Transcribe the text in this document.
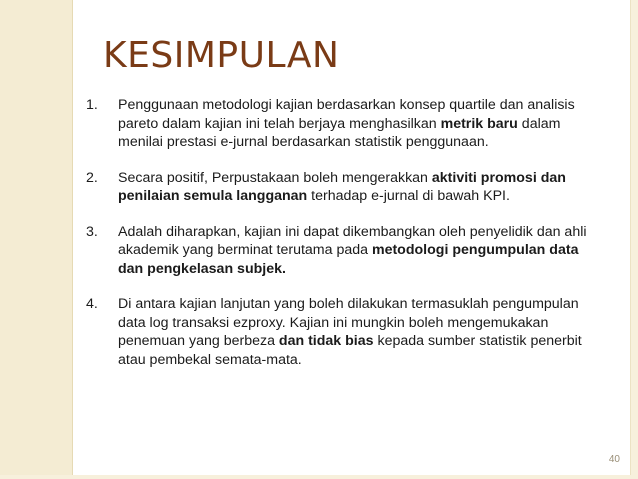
KESIMPULAN
1.	Penggunaan metodologi kajian berdasarkan konsep quartile dan analisis pareto dalam kajian ini telah berjaya menghasilkan metrik baru dalam menilai prestasi e-jurnal berdasarkan statistik penggunaan.
2.	Secara positif, Perpustakaan boleh mengerakkan aktiviti promosi dan penilaian semula langganan terhadap e-jurnal di bawah KPI.
3.	Adalah diharapkan, kajian ini dapat dikembangkan oleh penyelidik dan ahli akademik yang berminat terutama pada metodologi pengumpulan data dan pengkelasan subjek.
4.	Di antara kajian lanjutan yang boleh dilakukan termasuklah pengumpulan data log transaksi ezproxy. Kajian ini mungkin boleh mengemukakan penemuan yang berbeza dan tidak bias kepada sumber statistik penerbit atau pembekal semata-mata.
40
